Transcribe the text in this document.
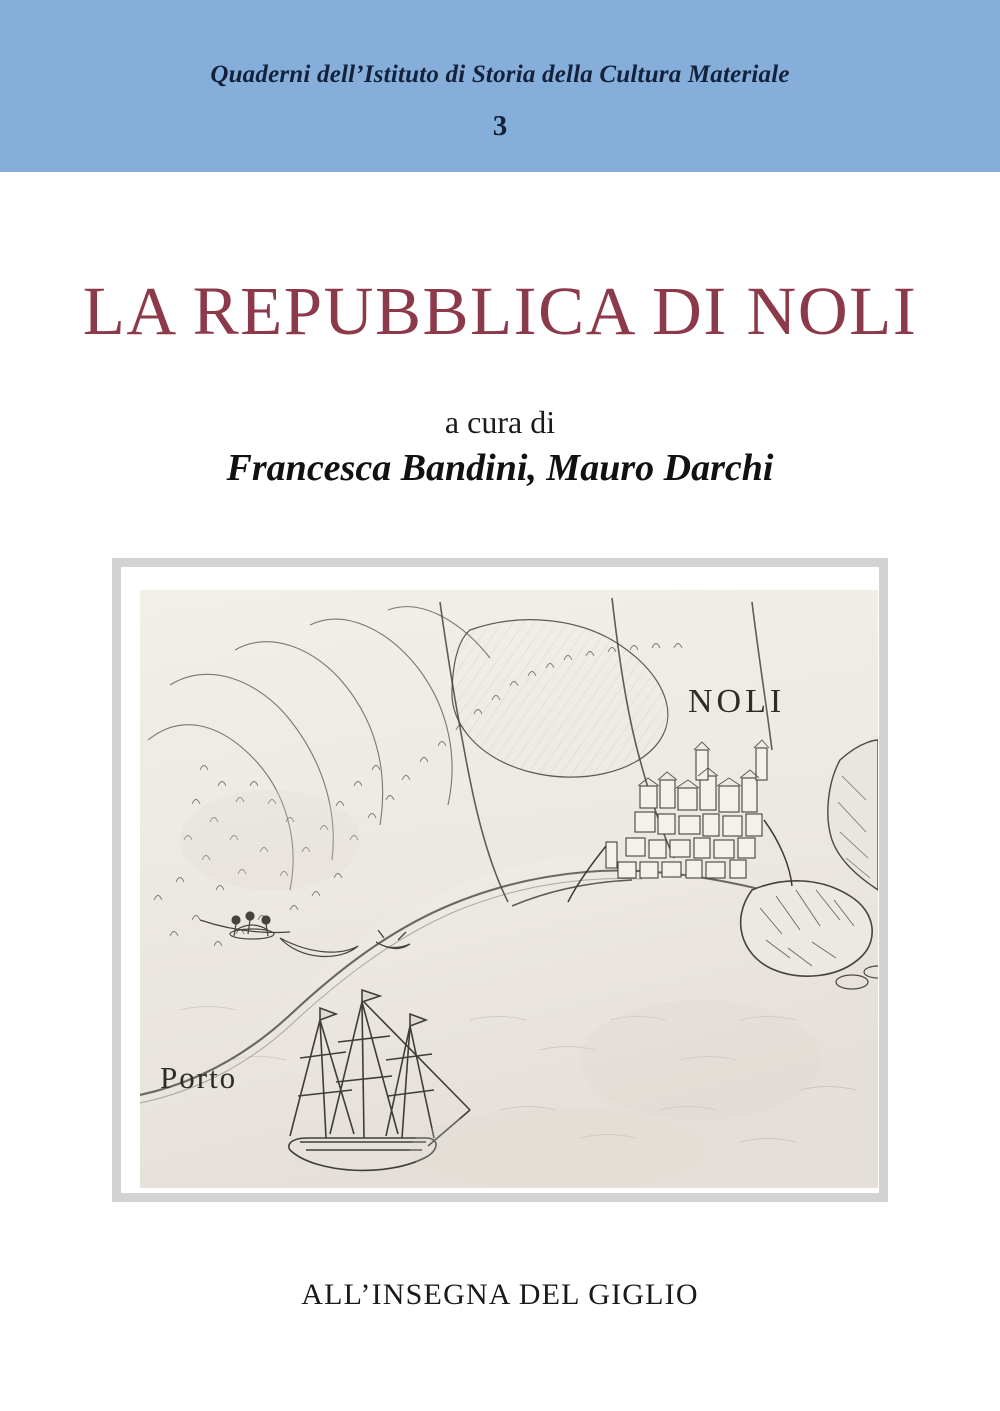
Quaderni dell’Istituto di Storia della Cultura Materiale
3
LA REPUBBLICA DI NOLI
a cura di
Francesca Bandini, Mauro Darchi
NOLI
Porto
ALL’INSEGNA DEL GIGLIO
